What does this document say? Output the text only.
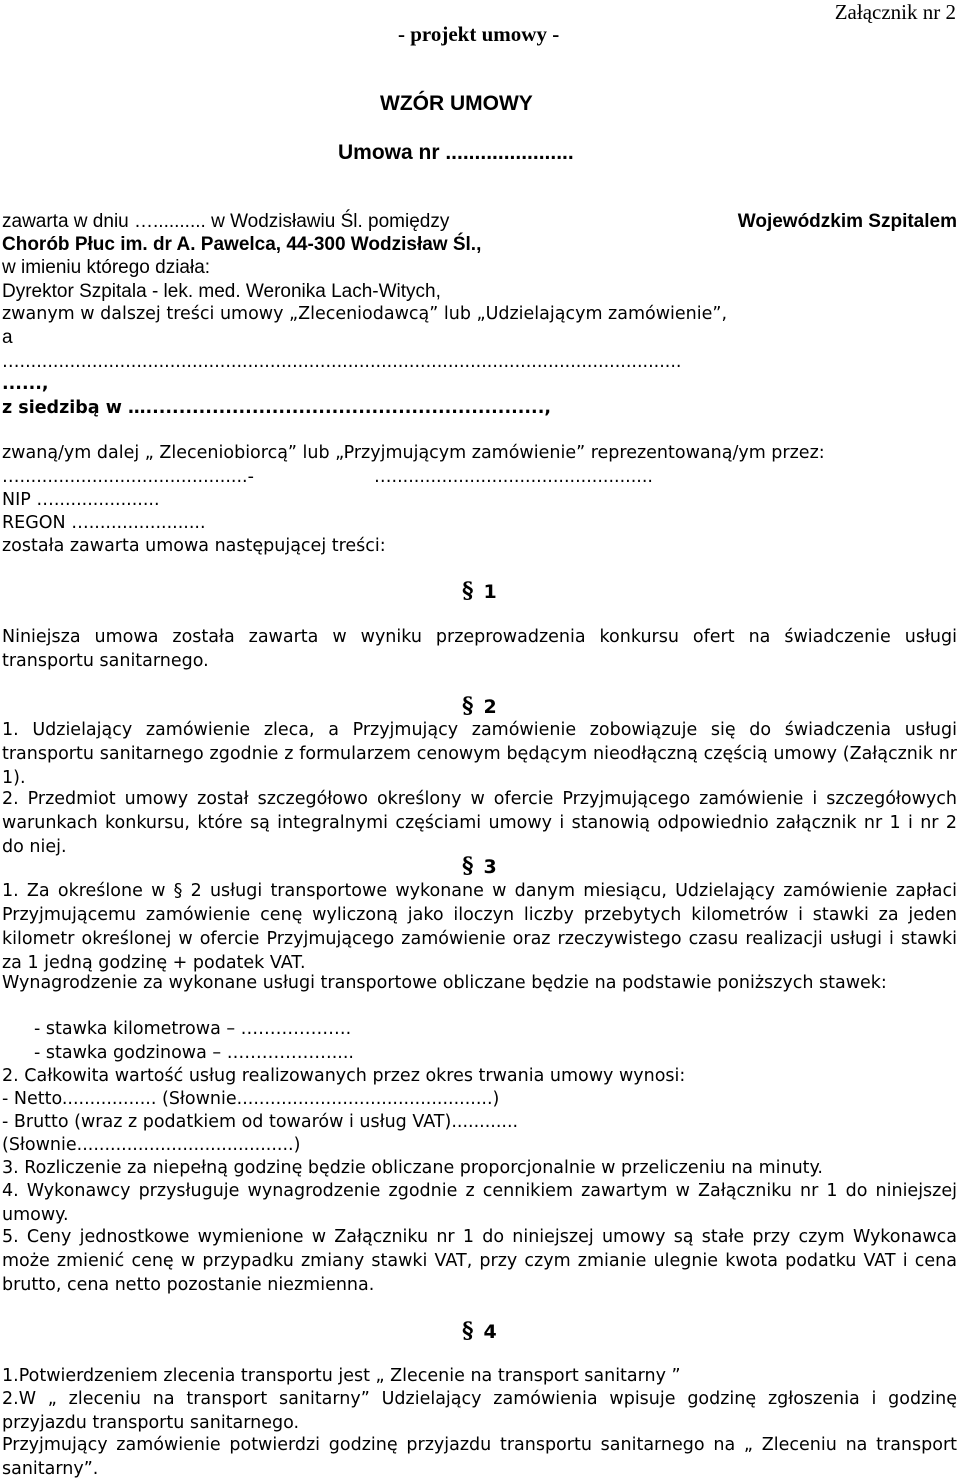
Załącznik nr 2
- projekt umowy -
WZÓR UMOWY
Umowa nr ......................
zawarta w dniu ….......... w Wodzisławiu Śl. pomiędzy	Wojewódzkim Szpitalem
Chorób Płuc im. dr A. Pawelca, 44-300 Wodzisław Śl.,
w imieniu którego działa:
Dyrektor Szpitala - lek. med. Weronika Lach-Witych,
zwanym w dalszej treści umowy „Zleceniodawcą” lub „Udzielającym zamówienie”,
a
….......................................................................................................................
......,
z siedzibą w …............................................................,
zwaną/ym dalej „ Zleceniobiorcą” lub „Przyjmującym zamówienie” reprezentowaną/ym przez:
….........................................-	…...............................................
NIP …...................
REGON ….....................
została zawarta umowa następującej treści:
§ 1
Niniejsza umowa została zawarta w wyniku przeprowadzenia konkursu ofert na świadczenie usługi transportu sanitarnego.
§ 2
1. Udzielający zamówienie zleca, a Przyjmujący zamówienie zobowiązuje się do świadczenia usługi transportu sanitarnego zgodnie z formularzem cenowym będącym nieodłączną częścią umowy (Załącznik nr 1).
2. Przedmiot umowy został szczegółowo określony w ofercie Przyjmującego zamówienie i szczegółowych warunkach konkursu, które są integralnymi częściami umowy i stanowią odpowiednio załącznik nr 1 i nr 2 do niej.
§ 3
1. Za określone w § 2 usługi transportowe wykonane w danym miesiącu, Udzielający zamówienie zapłaci Przyjmującemu zamówienie cenę wyliczoną jako iloczyn liczby przebytych kilometrów i stawki za jeden kilometr określonej w ofercie Przyjmującego zamówienie oraz rzeczywistego czasu realizacji usługi i stawki za 1 jedną godzinę + podatek VAT.
Wynagrodzenie za wykonane usługi transportowe obliczane będzie na podstawie poniższych stawek:
- stawka kilometrowa – ……………….
- stawka godzinowa – ………………....
2. Całkowita wartość usług realizowanych przez okres trwania umowy wynosi:
- Netto................. (Słownie..............................................)
- Brutto (wraz z podatkiem od towarów i usług VAT)............
(Słownie.......................................)
3. Rozliczenie za niepełną godzinę będzie obliczane proporcjonalnie w przeliczeniu na minuty.
4. Wykonawcy przysługuje wynagrodzenie zgodnie z cennikiem zawartym w Załączniku nr 1 do niniejszej umowy.
5. Ceny jednostkowe wymienione w Załączniku nr 1 do niniejszej umowy są stałe przy czym Wykonawca może zmienić cenę w przypadku zmiany stawki VAT, przy czym zmianie ulegnie kwota podatku VAT i cena brutto, cena netto pozostanie niezmienna.
§ 4
1.Potwierdzeniem zlecenia transportu jest „ Zlecenie na transport sanitarny ”
2.W „ zleceniu na transport sanitarny” Udzielający zamówienia wpisuje godzinę zgłoszenia i godzinę przyjazdu transportu sanitarnego.
Przyjmujący zamówienie potwierdzi godzinę przyjazdu transportu sanitarnego na „ Zleceniu na transport sanitarny”.
